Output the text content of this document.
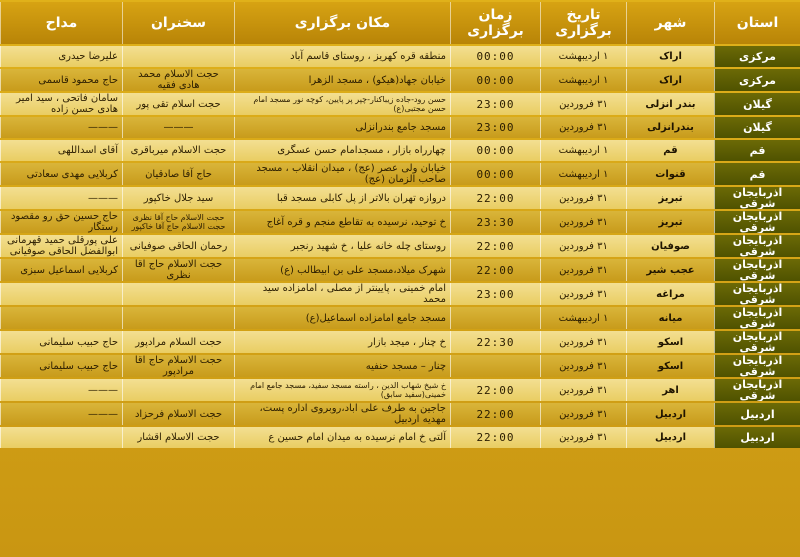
استان	شهر	تاریخ برگزاری	زمان برگزاری	مکان برگزاری	سخنران	مداح
مرکزی	اراک	۱ اردیبهشت	00:00	منطقه قره کهریز ، روستای قاسم آباد		علیرضا حیدری
مرکزی	اراک	۱ اردیبهشت	00:00	خیابان جهاد(هیکو) ، مسجد الزهرا	حجت الاسلام محمد هادی فقیه	حاج محمود قاسمی
گیلان	بندر انزلی	۳۱ فروردین	23:00	حسن رود-جاده زیباکنار-چپر پر پایین، کوچه نور مسجد امام حسن مجتبی(ع)	حجت اسلام تقی پور	سامان فاتحی ، سید امیر هادی حسن زاده
گیلان	بندرانزلی	۳۱ فروردین	23:00	مسجد جامع بندرانزلی	———	———
قم	قم	۱ اردیبهشت	00:00	چهارراه بازار ، مسجدامام حسن عسگری	حجت الاسلام میرباقری	آقای اسداللهی
قم	قنوات	۱ اردیبهشت	00:00	خیابان ولی عصر (عج) ، میدان انقلاب ، مسجد صاحب الزمان (عج)	حاج آقا صادقیان	کربلایی مهدی سعادتی
آذربایجان شرقی	تبریز	۳۱ فروردین	22:00	دروازه تهران بالاتر از پل کابلی مسجد قبا	سید جلال خاکپور	———
آذربایجان شرقی	تبریز	۳۱ فروردین	23:30	خ توحید، نرسیده به تقاطع منجم و قره آغاج	حجت الاسلام حاج آقا نظری حجت الاسلام حاج آقا خاکپور	حاج حسین حق رو مقصود رستگار
آذربایجان شرقی	صوفیان	۳۱ فروردین	22:00	روستای چله خانه علیا ، خ شهید رنجبر	رحمان الحاقی صوفیانی	علی پورقلی حمید قهرمانی ابوالفضل الحاقی صوفیانی
آذربایجان شرقی	عجب شیر	۳۱ فروردین	22:00	شهرک میلاد،مسجد علی بن ابیطالب (ع)	حجت الاسلام حاج آقا نظری	کربلایی اسماعیل سبزی
آذربایجان شرقی	مراغه	۳۱ فروردین	23:00	امام خمینی ، پایینتر از مصلی ، امامزاده سید محمد		
آذربایجان شرقی	میانه	۱ اردیبهشت		مسجد جامع امامزاده اسماعیل(ع)		
آذربایجان شرقی	اسکو	۳۱ فروردین	22:30	خ چنار ، میجد بازار	حجت السلام مرادپور	حاج حبیب سلیمانی
آذربایجان شرقی	اسکو	۳۱ فروردین		چنار – مسجد حنفیه	حجت الاسلام حاج آقا مرادپور	حاج حبیب سلیمانی
آذربایجان شرقی	اهر	۳۱ فروردین	22:00	خ شیخ شهاب الدین ، راسته مسجد سفید، مسجد جامع امام خمینی(سفید سابق)		———
اردبیل	اردبیل	۳۱ فروردین	22:00	جاجین به طرف علی آباد،روبروی اداره پست، مهدیه اردبیل	حجت الاسلام فرحزاد	———
اردبیل	اردبیل	۳۱ فروردین	22:00	آلتی خ امام نرسیده به میدان امام حسین ع	حجت الاسلام اقشار	
